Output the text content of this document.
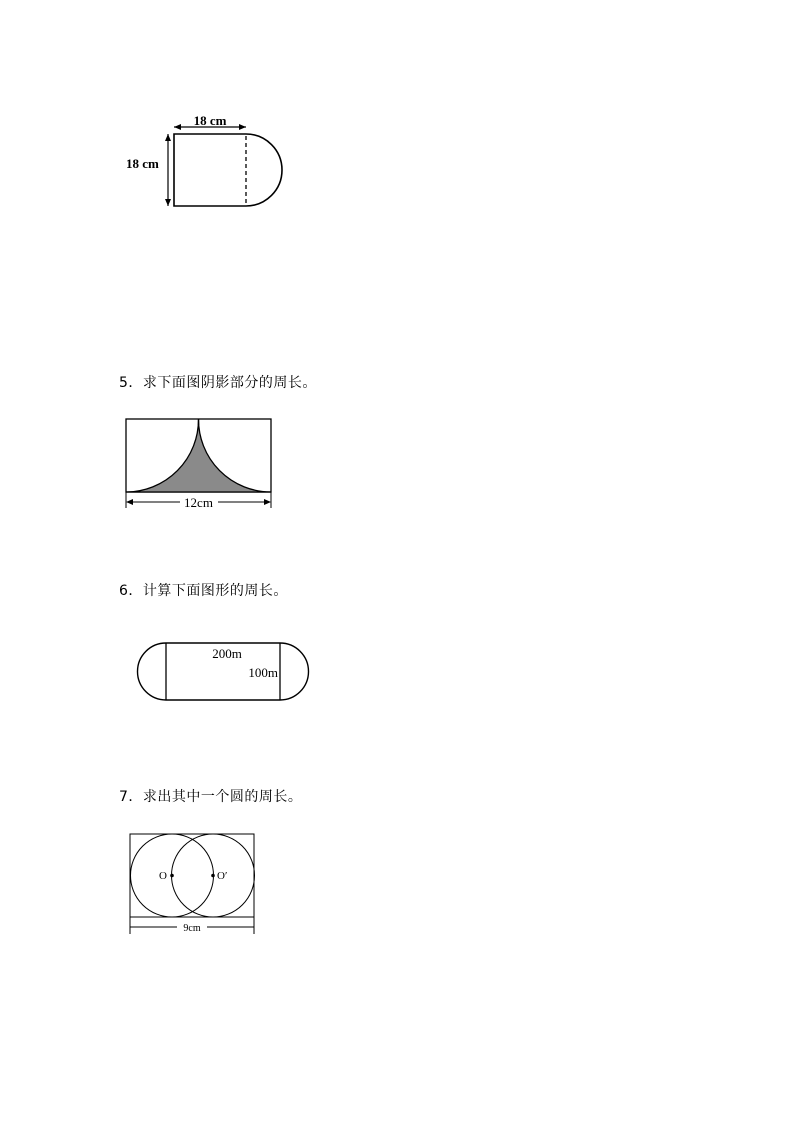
18 cm
18 cm
5．求下面图阴影部分的周长。
12cm
6．计算下面图形的周长。
200m
100m
7．求出其中一个圆的周长。
O	O′
9cm
